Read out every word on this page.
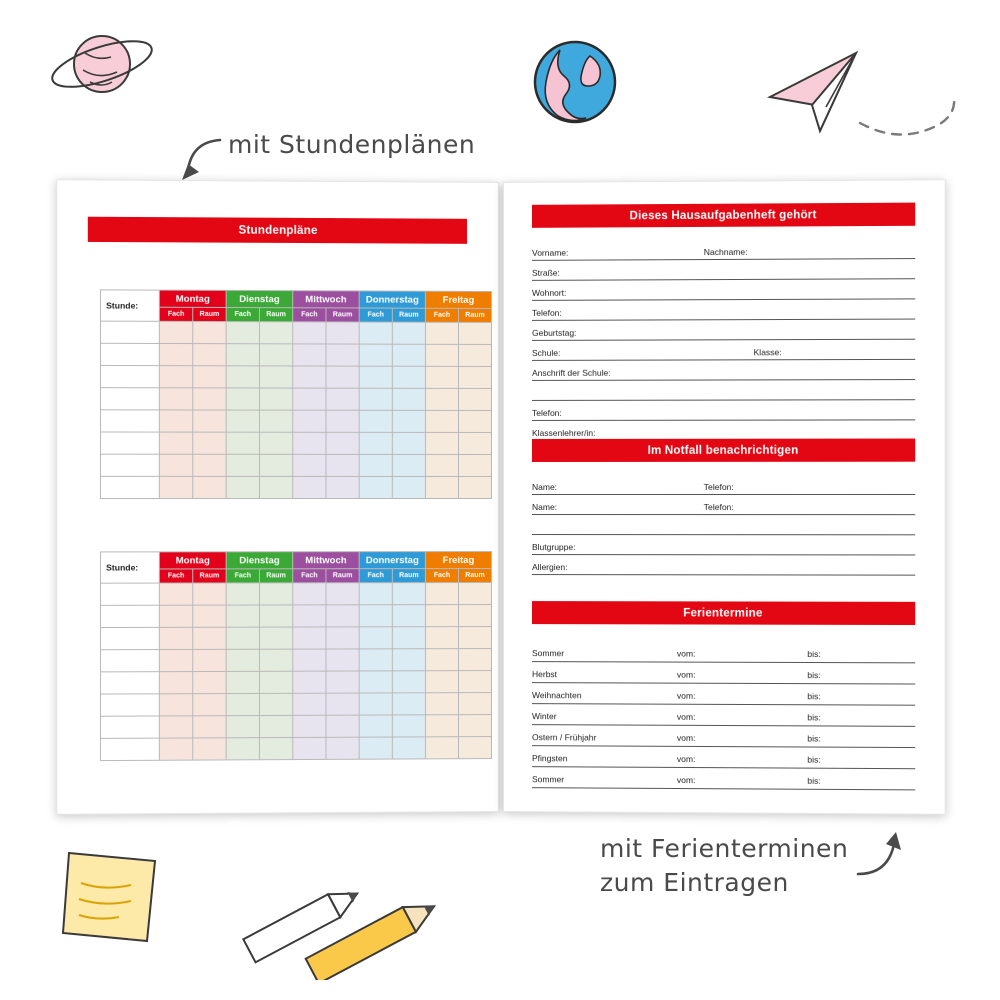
mit Stundenplänen
mit Ferienterminen
zum Eintragen
Stundenpläne
Stunde:	Montag		Dienstag		Mittwoch		Donnerstag		Freitag	
	Fach	Raum	Fach	Raum	Fach	Raum	Fach	Raum	Fach	Raum

Stunde:	Montag		Dienstag		Mittwoch		Donnerstag		Freitag	
	Fach	Raum	Fach	Raum	Fach	Raum	Fach	Raum	Fach	Raum

Dieses Hausaufgabenheft gehört
Vorname:	Nachname:
Straße:
Wohnort:
Telefon:
Geburtstag:
Schule:	Klasse:
Anschrift der Schule:
Telefon:
Klassenlehrer/in:
Im Notfall benachrichtigen
Name:	Telefon:
Name:	Telefon:
Blutgruppe:
Allergien:
Ferientermine
Sommer	vom:	bis:
Herbst	vom:	bis:
Weihnachten	vom:	bis:
Winter	vom:	bis:
Ostern / Frühjahr	vom:	bis:
Pfingsten	vom:	bis:
Sommer	vom:	bis:
